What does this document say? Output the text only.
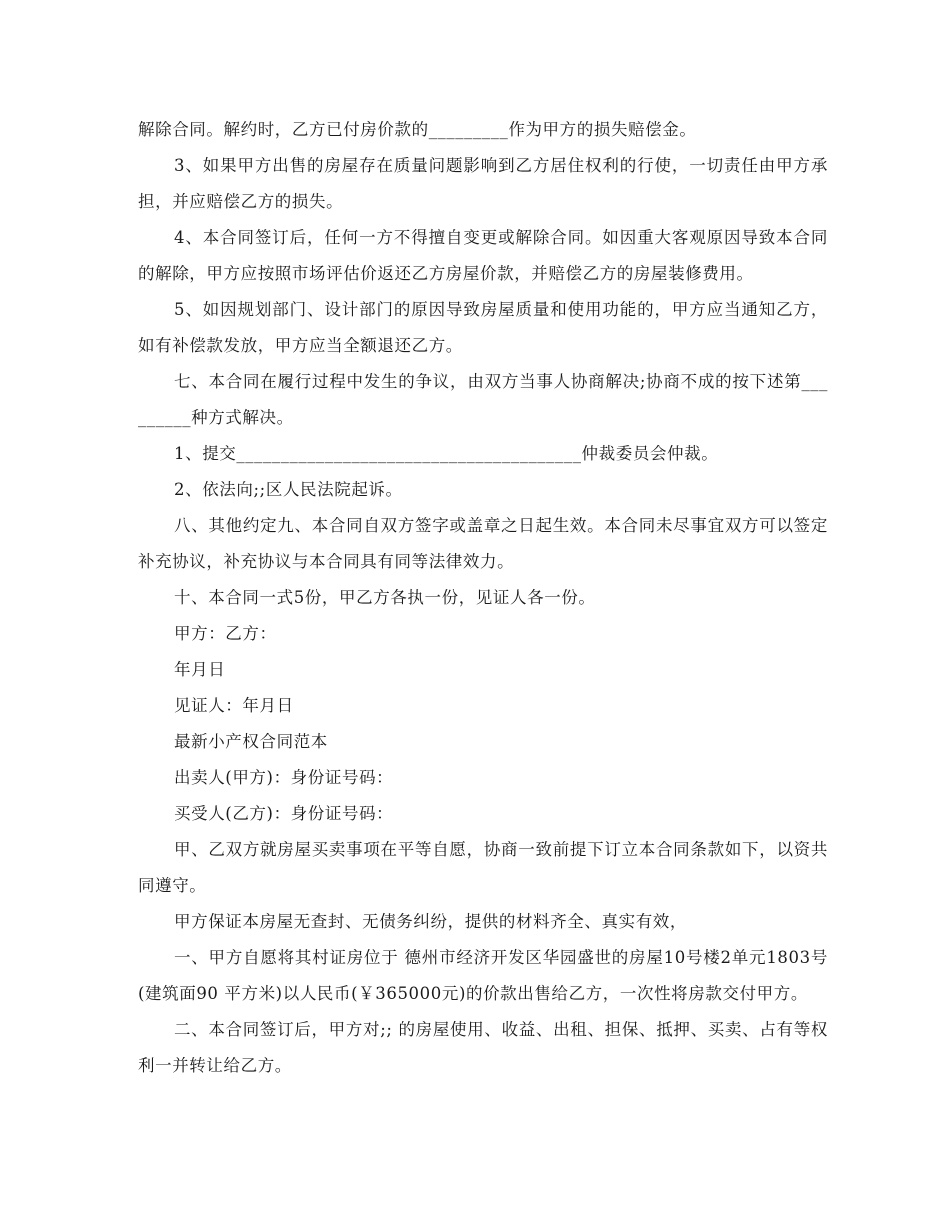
解除合同。解约时，乙方已付房价款的_________作为甲方的损失赔偿金。

3、如果甲方出售的房屋存在质量问题影响到乙方居住权利的行使，一切责任由甲方承担，并应赔偿乙方的损失。

4、本合同签订后，任何一方不得擅自变更或解除合同。如因重大客观原因导致本合同的解除，甲方应按照市场评估价返还乙方房屋价款，并赔偿乙方的房屋装修费用。

5、如因规划部门、设计部门的原因导致房屋质量和使用功能的，甲方应当通知乙方，如有补偿款发放，甲方应当全额退还乙方。

七、本合同在履行过程中发生的争议，由双方当事人协商解决;协商不成的按下述第_________种方式解决。

1、提交_______________________________________仲裁委员会仲裁。

2、依法向;;区人民法院起诉。

八、其他约定九、本合同自双方签字或盖章之日起生效。本合同未尽事宜双方可以签定补充协议，补充协议与本合同具有同等法律效力。

十、本合同一式5份，甲乙方各执一份，见证人各一份。

甲方：乙方：

年月日

见证人：年月日

最新小产权合同范本

出卖人(甲方)：身份证号码：

买受人(乙方)：身份证号码：

甲、乙双方就房屋买卖事项在平等自愿，协商一致前提下订立本合同条款如下，以资共同遵守。

甲方保证本房屋无查封、无债务纠纷，提供的材料齐全、真实有效，

一、甲方自愿将其村证房位于 德州市经济开发区华园盛世的房屋10号楼2单元1803号(建筑面90 平方米)以人民币(￥365000元)的价款出售给乙方，一次性将房款交付甲方。

二、本合同签订后，甲方对;; 的房屋使用、收益、出租、担保、抵押、买卖、占有等权利一并转让给乙方。
